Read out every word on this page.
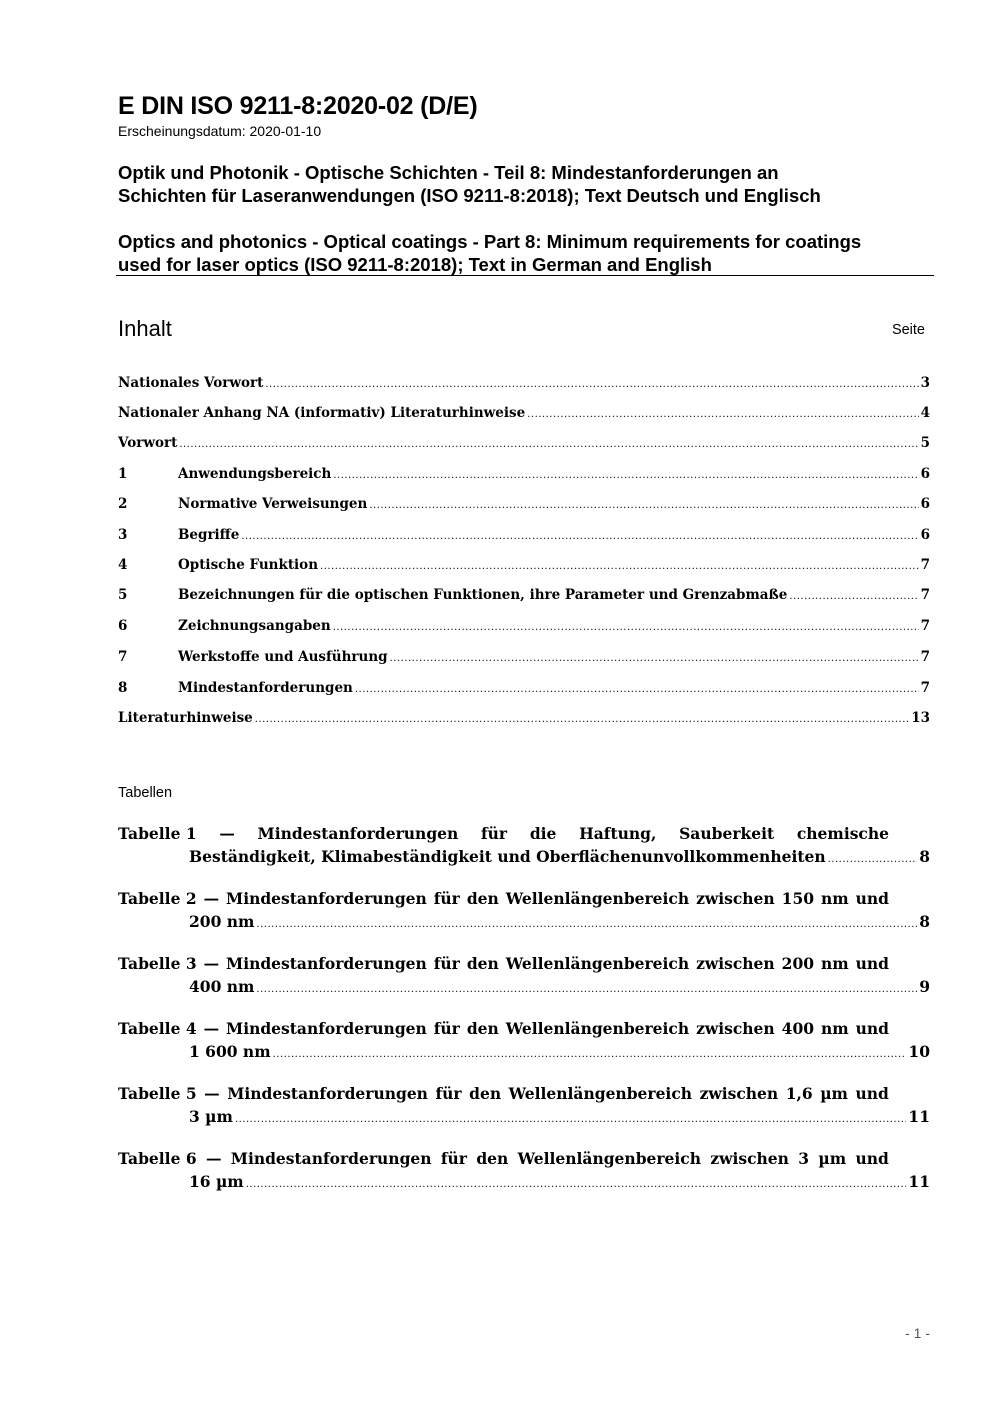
E DIN ISO 9211-8:2020-02 (D/E)
Erscheinungsdatum: 2020-01-10
Optik und Photonik - Optische Schichten - Teil 8: Mindestanforderungen an
Schichten für Laseranwendungen (ISO 9211-8:2018); Text Deutsch und Englisch
Optics and photonics - Optical coatings - Part 8: Minimum requirements for coatings
used for laser optics (ISO 9211-8:2018); Text in German and English
Inhalt	Seite
Nationales Vorwort .....	3
Nationaler Anhang NA (informativ) Literaturhinweise .....	4
Vorwort .....	5
1	Anwendungsbereich .....	6
2	Normative Verweisungen .....	6
3	Begriffe .....	6
4	Optische Funktion .....	7
5	Bezeichnungen für die optischen Funktionen, ihre Parameter und Grenzabmaße .....	7
6	Zeichnungsangaben .....	7
7	Werkstoffe und Ausführung .....	7
8	Mindestanforderungen .....	7
Literaturhinweise .....	13
Tabellen
Tabelle 1 — Mindestanforderungen für die Haftung, Sauberkeit chemische
Beständigkeit, Klimabeständigkeit und Oberflächenunvollkommenheiten .....	8
Tabelle 2 — Mindestanforderungen für den Wellenlängenbereich zwischen 150 nm und
200 nm .....	8
Tabelle 3 — Mindestanforderungen für den Wellenlängenbereich zwischen 200 nm und
400 nm .....	9
Tabelle 4 — Mindestanforderungen für den Wellenlängenbereich zwischen 400 nm und
1 600 nm .....	10
Tabelle 5 — Mindestanforderungen für den Wellenlängenbereich zwischen 1,6 µm und
3 µm .....	11
Tabelle 6 — Mindestanforderungen für den Wellenlängenbereich zwischen 3 µm und
16 µm .....	11
- 1 -
